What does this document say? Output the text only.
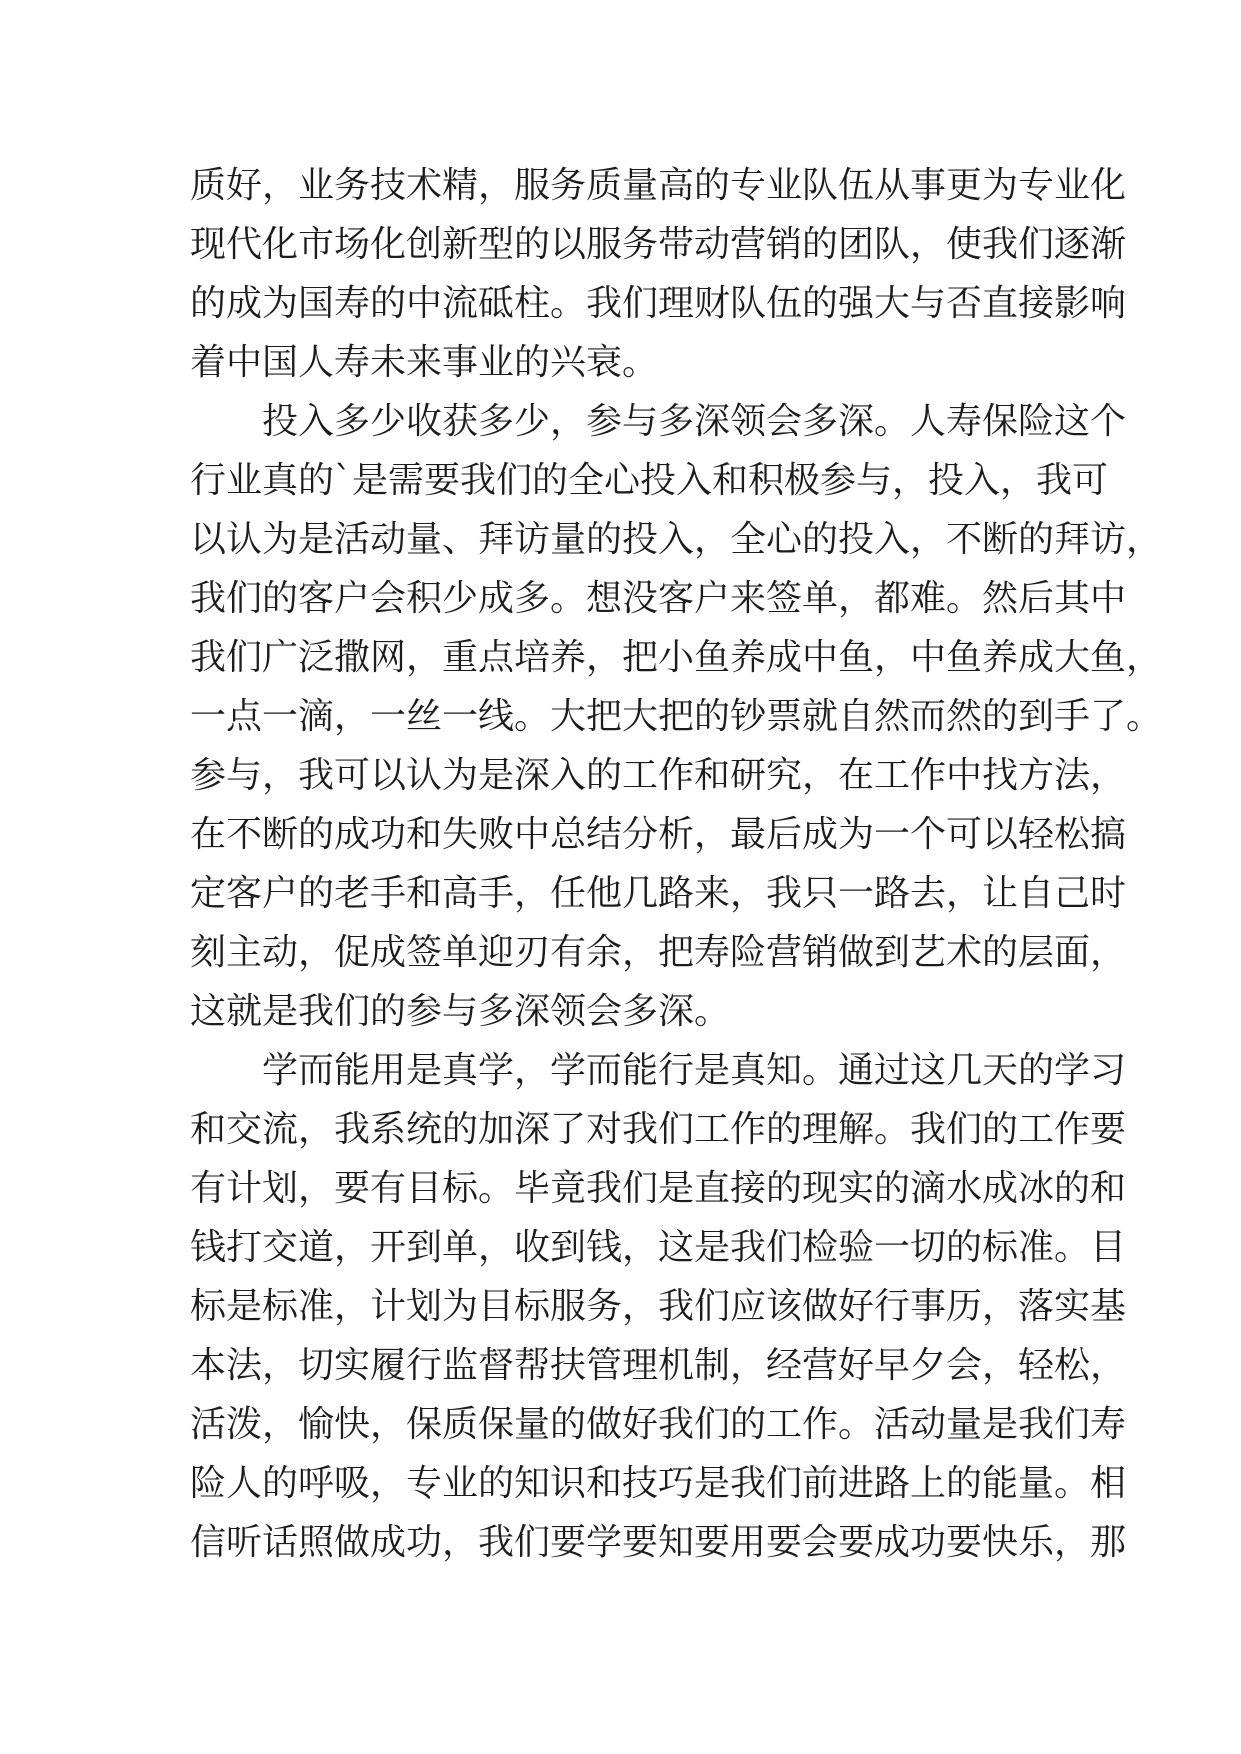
质好，业务技术精，服务质量高的专业队伍从事更为专业化
现代化市场化创新型的以服务带动营销的团队，使我们逐渐
的成为国寿的中流砥柱。我们理财队伍的强大与否直接影响
着中国人寿未来事业的兴衰。
投入多少收获多少，参与多深领会多深。人寿保险这个
行业真的`是需要我们的全心投入和积极参与，投入，我可
以认为是活动量、拜访量的投入，全心的投入，不断的拜访，
我们的客户会积少成多。想没客户来签单，都难。然后其中
我们广泛撒网，重点培养，把小鱼养成中鱼，中鱼养成大鱼，
一点一滴，一丝一线。大把大把的钞票就自然而然的到手了。
参与，我可以认为是深入的工作和研究，在工作中找方法，
在不断的成功和失败中总结分析，最后成为一个可以轻松搞
定客户的老手和高手，任他几路来，我只一路去，让自己时
刻主动，促成签单迎刃有余，把寿险营销做到艺术的层面，
这就是我们的参与多深领会多深。
学而能用是真学，学而能行是真知。通过这几天的学习
和交流，我系统的加深了对我们工作的理解。我们的工作要
有计划，要有目标。毕竟我们是直接的现实的滴水成冰的和
钱打交道，开到单，收到钱，这是我们检验一切的标准。目
标是标准，计划为目标服务，我们应该做好行事历，落实基
本法，切实履行监督帮扶管理机制，经营好早夕会，轻松，
活泼，愉快，保质保量的做好我们的工作。活动量是我们寿
险人的呼吸，专业的知识和技巧是我们前进路上的能量。相
信听话照做成功，我们要学要知要用要会要成功要快乐，那
